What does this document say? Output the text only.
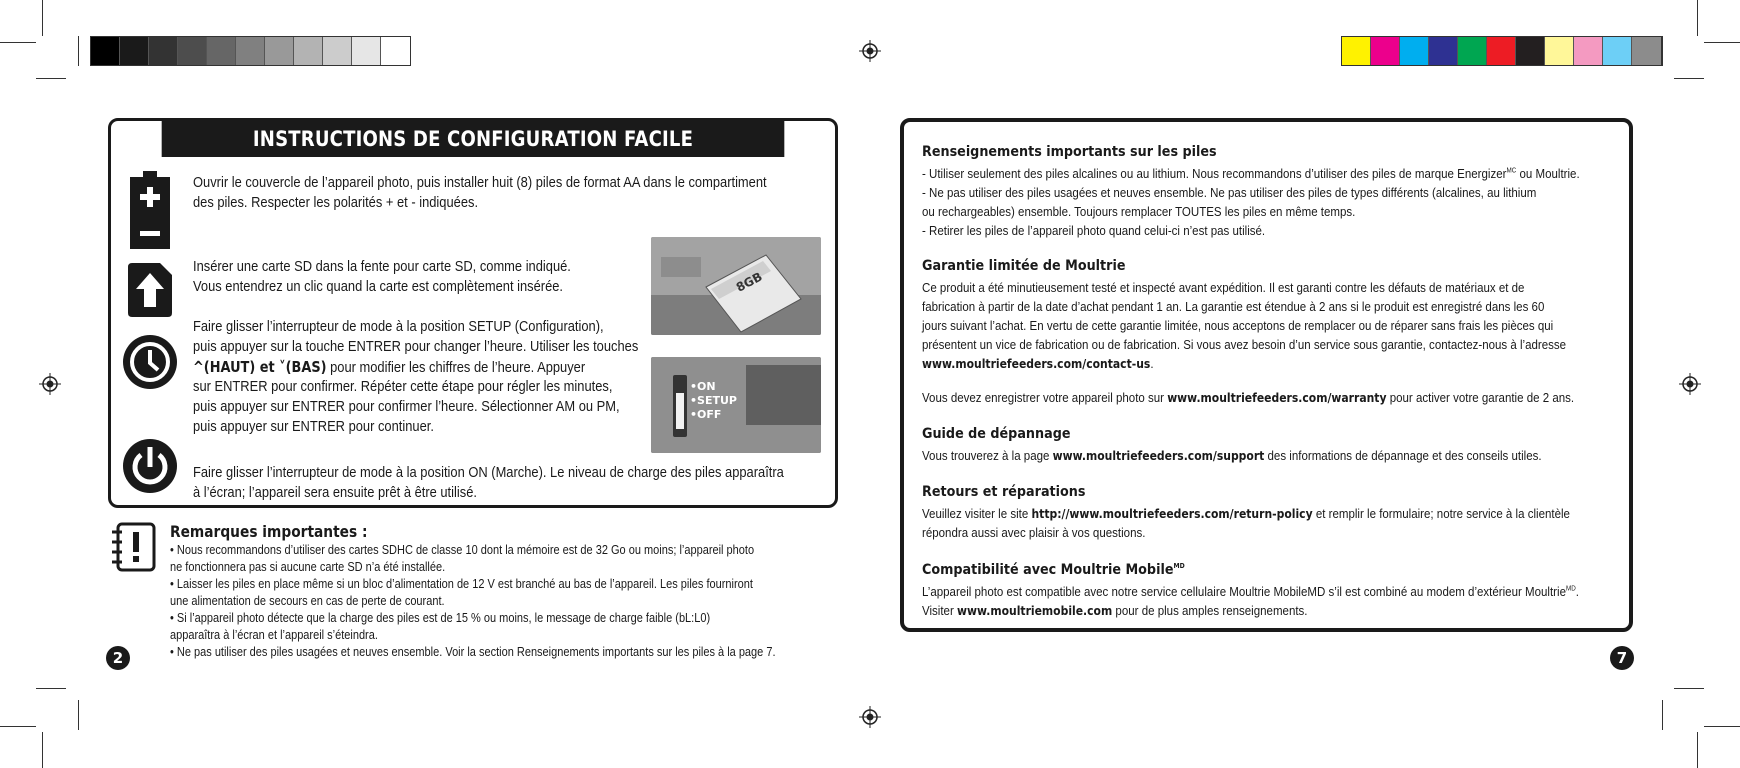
INSTRUCTIONS DE CONFIGURATION FACILE
Ouvrir le couvercle de l’appareil photo, puis installer huit (8) piles de format AA dans le compartiment
des piles. Respecter les polarités + et - indiquées.
Insérer une carte SD dans la fente pour carte SD, comme indiqué.
Vous entendrez un clic quand la carte est complètement insérée.	8GB
Faire glisser l’interrupteur de mode à la position SETUP (Configuration),
puis appuyer sur la touche ENTRER pour changer l’heure. Utiliser les touches
^(HAUT) et ˅(BAS) pour modifier les chiffres de l’heure. Appuyer
sur ENTRER pour confirmer. Répéter cette étape pour régler les minutes,
puis appuyer sur ENTRER pour confirmer l’heure. Sélectionner AM ou PM,
puis appuyer sur ENTRER pour continuer.
•ON
•SETUP
•OFF
Faire glisser l’interrupteur de mode à la position ON (Marche). Le niveau de charge des piles apparaîtra
à l’écran; l’appareil sera ensuite prêt à être utilisé.
Remarques importantes :
• Nous recommandons d’utiliser des cartes SDHC de classe 10 dont la mémoire est de 32 Go ou moins; l’appareil photo
ne fonctionnera pas si aucune carte SD n’a été installée.
• Laisser les piles en place même si un bloc d’alimentation de 12 V est branché au bas de l’appareil. Les piles fourniront
une alimentation de secours en cas de perte de courant.
• Si l’appareil photo détecte que la charge des piles est de 15 % ou moins, le message de charge faible (bL:L0)
apparaîtra à l’écran et l’appareil s’éteindra.
• Ne pas utiliser des piles usagées et neuves ensemble. Voir la section Renseignements importants sur les piles à la page 7.
2	7
Renseignements importants sur les piles
- Utiliser seulement des piles alcalines ou au lithium. Nous recommandons d’utiliser des piles de marque Energizer$^{MC}$ ou Moultrie.
- Ne pas utiliser des piles usagées et neuves ensemble. Ne pas utiliser des piles de types différents (alcalines, au lithium
ou rechargeables) ensemble. Toujours remplacer TOUTES les piles en même temps.
- Retirer les piles de l’appareil photo quand celui-ci n’est pas utilisé.
Garantie limitée de Moultrie
Ce produit a été minutieusement testé et inspecté avant expédition. Il est garanti contre les défauts de matériaux et de
fabrication à partir de la date d’achat pendant 1 an. La garantie est étendue à 2 ans si le produit est enregistré dans les 60
jours suivant l’achat. En vertu de cette garantie limitée, nous acceptons de remplacer ou de réparer sans frais les pièces qui
présentent un vice de fabrication ou de fabrication. Si vous avez besoin d’un service sous garantie, contactez-nous à l’adresse
www.moultriefeeders.com/contact-us.
Vous devez enregistrer votre appareil photo sur www.moultriefeeders.com/warranty pour activer votre garantie de 2 ans.
Guide de dépannage
Vous trouverez à la page www.moultriefeeders.com/support des informations de dépannage et des conseils utiles.
Retours et réparations
Veuillez visiter le site http://www.moultriefeeders.com/return-policy et remplir le formulaire; notre service à la clientèle
répondra aussi avec plaisir à vos questions.
Compatibilité avec Moultrie Mobile$^{MD}$
L’appareil photo est compatible avec notre service cellulaire Moultrie MobileMD s’il est combiné au modem d’extérieur Moultrie$^{MD}$.
Visiter www.moultriemobile.com pour de plus amples renseignements.
